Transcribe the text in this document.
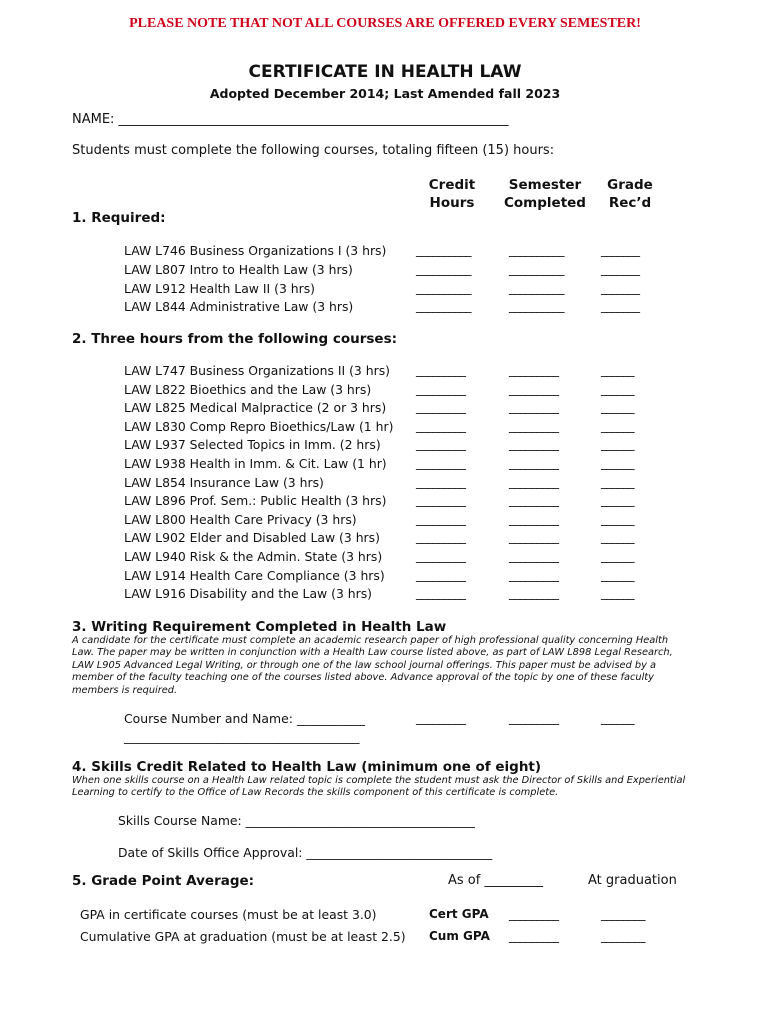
PLEASE NOTE THAT NOT ALL COURSES ARE OFFERED EVERY SEMESTER!
CERTIFICATE IN HEALTH LAW
Adopted December 2014; Last Amended fall 2023
NAME: ____________________________________________________________
Students must complete the following courses, totaling fifteen (15) hours:
Credit
Hours
Semester
Completed
Grade
Rec’d
1. Required:
LAW L746 Business Organizations I (3 hrs) __________	__________	_______
LAW L807 Intro to Health Law (3 hrs)	__________	__________	_______
LAW L912 Health Law II (3 hrs)	__________	__________	_______
LAW L844 Administrative Law (3 hrs)	__________	__________	_______
2. Three hours from the following courses:
LAW L747 Business Organizations II (3 hrs) _________	_________	______
LAW L822 Bioethics and the Law (3 hrs)	_________	_________	______
LAW L825 Medical Malpractice (2 or 3 hrs) _________	_________	______
LAW L830 Comp Repro Bioethics/Law (1 hr) _________	_________	______
LAW L937 Selected Topics in Imm. (2 hrs)	_________	_________	______
LAW L938 Health in Imm. & Cit. Law (1 hr) _________	_________	______
LAW L854 Insurance Law (3 hrs)	_________	_________	______
LAW L896 Prof. Sem.: Public Health (3 hrs) _________	_________	______
LAW L800 Health Care Privacy (3 hrs)	_________	_________	______
LAW L902 Elder and Disabled Law (3 hrs)	_________	_________	______
LAW L940 Risk & the Admin. State (3 hrs)	_________	_________	______
LAW L914 Health Care Compliance (3 hrs)	_________	_________	______
LAW L916 Disability and the Law (3 hrs)	_________	_________	______
3. Writing Requirement Completed in Health Law
A candidate for the certificate must complete an academic research paper of high professional quality concerning Health Law. The paper may be written in conjunction with a Health Law course listed above, as part of LAW L898 Legal Research, LAW L905 Advanced Legal Writing, or through one of the law school journal offerings. This paper must be advised by a member of the faculty teaching one of the courses listed above. Advance approval of the topic by one of these faculty members is required.
Course Number and Name: ___________
______________________________________
_________	_________	______
4. Skills Credit Related to Health Law (minimum one of eight)
When one skills course on a Health Law related topic is complete the student must ask the Director of Skills and Experiential Learning to certify to the Office of Law Records the skills component of this certificate is complete.
Skills Course Name: _____________________________________
Date of Skills Office Approval: ______________________________
5. Grade Point Average:	As of _________	At graduation
GPA in certificate courses (must be at least 3.0)	Cert GPA _________	________
Cumulative GPA at graduation (must be at least 2.5) Cum GPA _________	________
